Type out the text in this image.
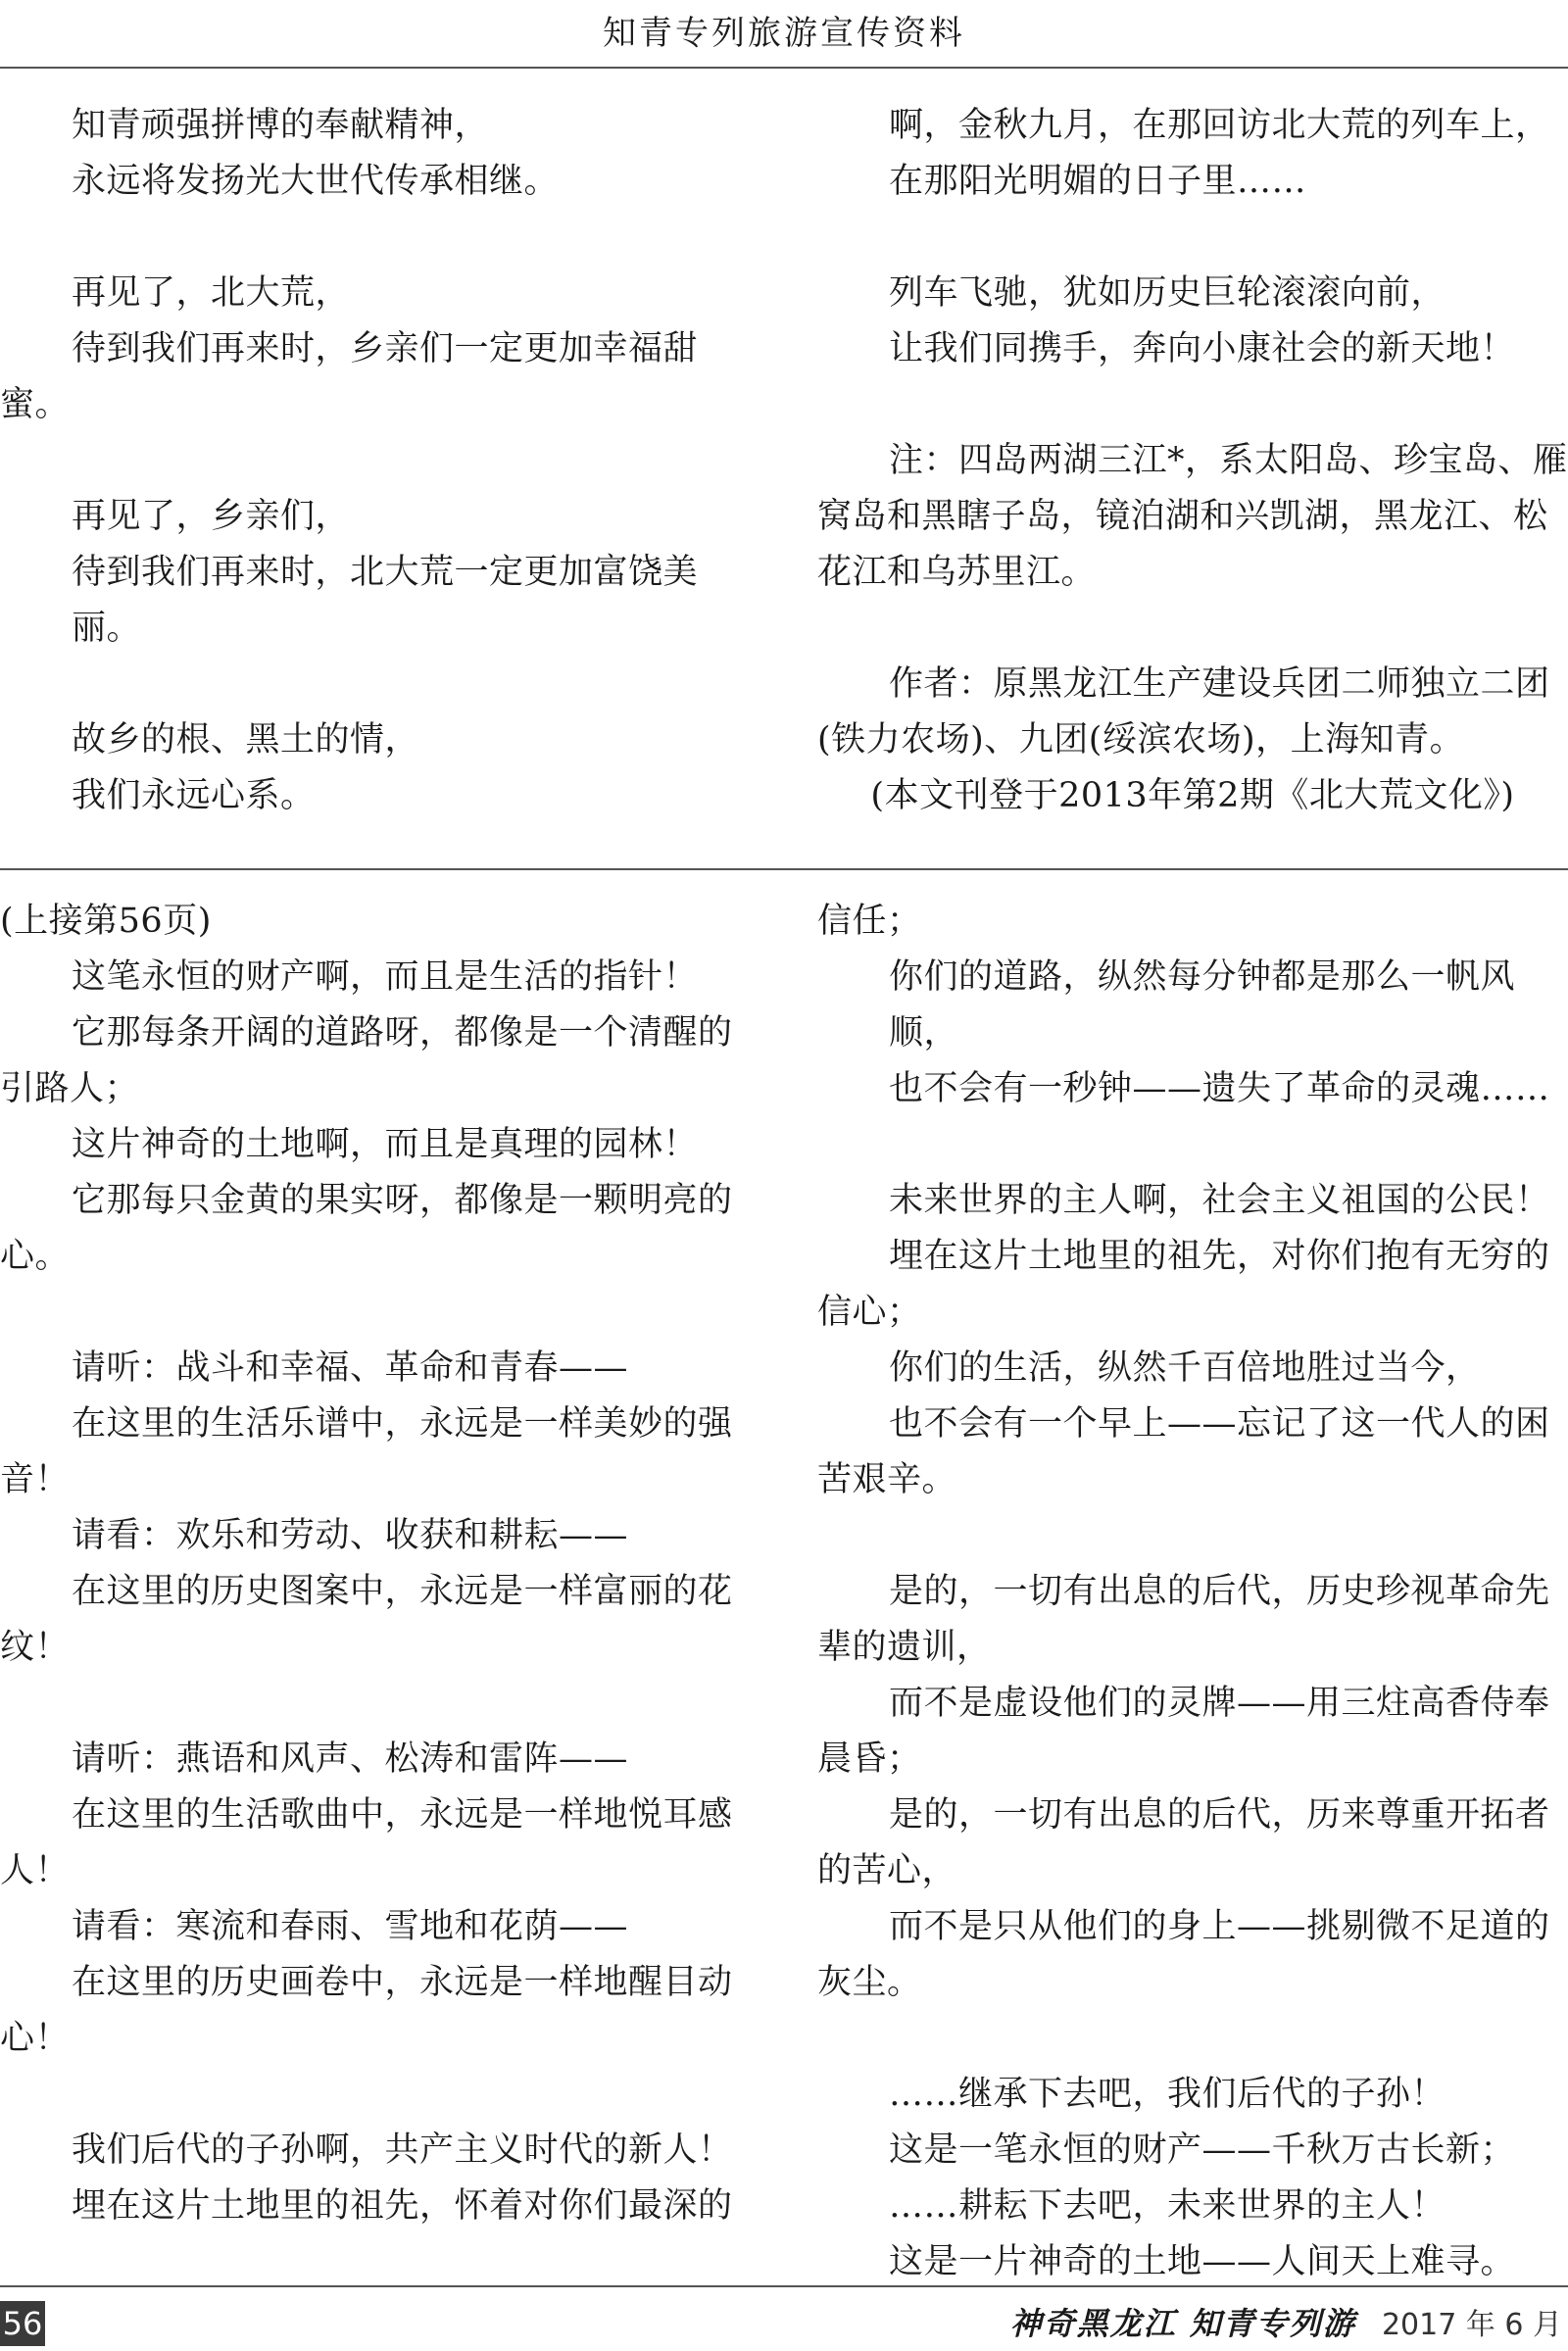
知青专列旅游宣传资料

知青顽强拼博的奉献精神，

永远将发扬光大世代传承相继。

再见了，北大荒，

待到我们再来时，乡亲们一定更加幸福甜蜜。

再见了，乡亲们，

待到我们再来时，北大荒一定更加富饶美丽。

故乡的根、黑土的情，

我们永远心系。

啊，金秋九月，在那回访北大荒的列车上，

在那阳光明媚的日子里……

列车飞驰，犹如历史巨轮滚滚向前，

让我们同携手，奔向小康社会的新天地！

注：四岛两湖三江*，系太阳岛、珍宝岛、雁窝岛和黑瞎子岛，镜泊湖和兴凯湖，黑龙江、松花江和乌苏里江。

作者：原黑龙江生产建设兵团二师独立二团(铁力农场)、九团(绥滨农场)，上海知青。

(本文刊登于2013年第2期《北大荒文化》)

(上接第56页)

这笔永恒的财产啊，而且是生活的指针！

它那每条开阔的道路呀，都像是一个清醒的引路人；

这片神奇的土地啊，而且是真理的园林！

它那每只金黄的果实呀，都像是一颗明亮的心。

请听：战斗和幸福、革命和青春——

在这里的生活乐谱中，永远是一样美妙的强音！

请看：欢乐和劳动、收获和耕耘——

在这里的历史图案中，永远是一样富丽的花纹！

请听：燕语和风声、松涛和雷阵——

在这里的生活歌曲中，永远是一样地悦耳感人！

请看：寒流和春雨、雪地和花荫——

在这里的历史画卷中，永远是一样地醒目动心！

我们后代的子孙啊，共产主义时代的新人！

埋在这片土地里的祖先，怀着对你们最深的

信任；

你们的道路，纵然每分钟都是那么一帆风顺，

也不会有一秒钟——遗失了革命的灵魂……

未来世界的主人啊，社会主义祖国的公民！

埋在这片土地里的祖先，对你们抱有无穷的信心；

你们的生活，纵然千百倍地胜过当今，

也不会有一个早上——忘记了这一代人的困苦艰辛。

是的，一切有出息的后代，历史珍视革命先辈的遗训，

而不是虚设他们的灵牌——用三炷高香侍奉晨昏；

是的，一切有出息的后代，历来尊重开拓者的苦心，

而不是只从他们的身上——挑剔微不足道的灰尘。

……继承下去吧，我们后代的子孙！

这是一笔永恒的财产——千秋万古长新；

……耕耘下去吧，未来世界的主人！

这是一片神奇的土地——人间天上难寻。

56	神奇黑龙江 知青专列游 2017 年 6 月
